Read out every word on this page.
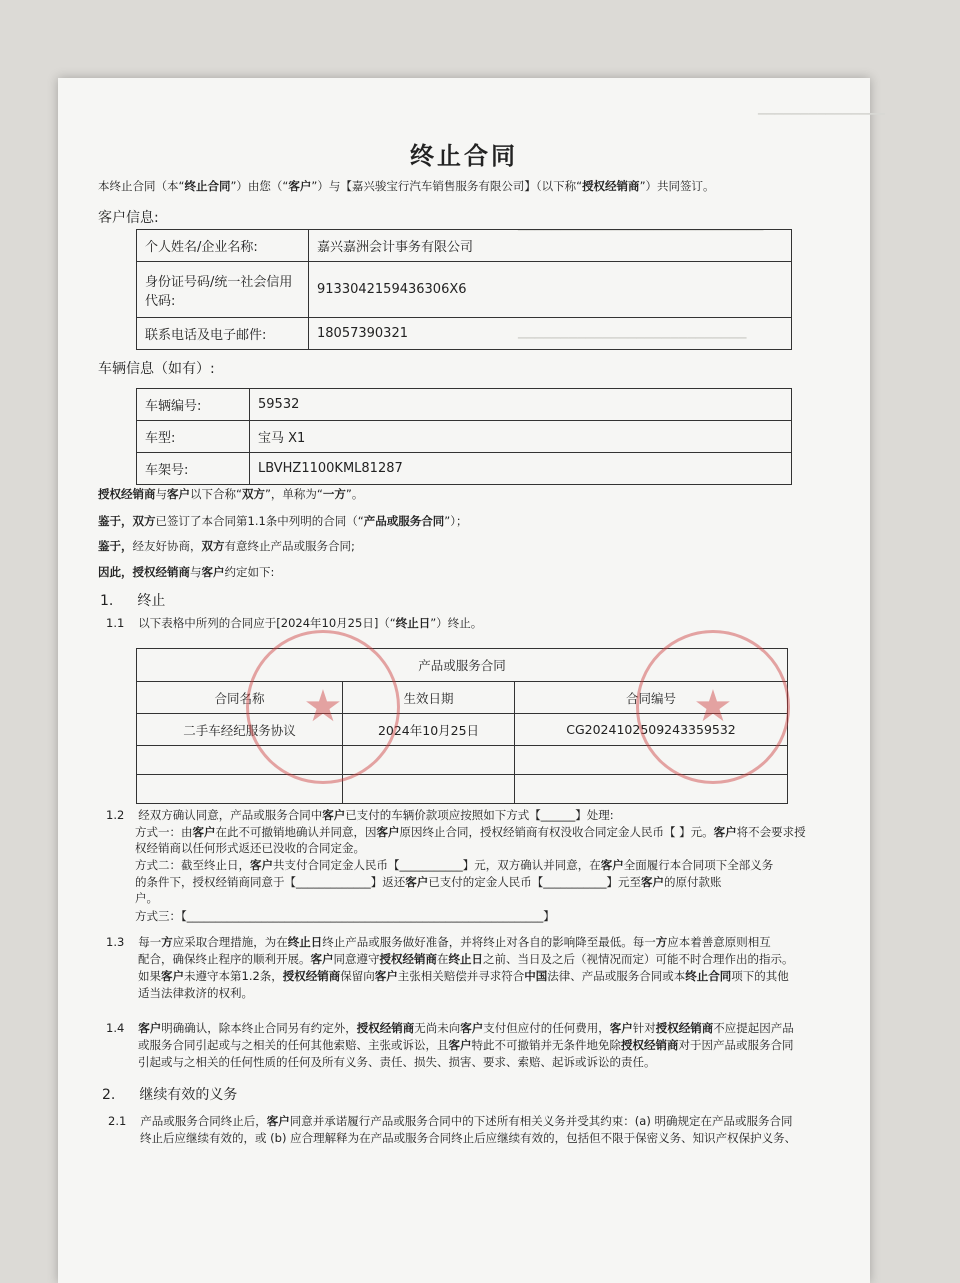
▁▁▁▁▁▁▁▁▁▁▁▁▁▁▁
▁▁▁▁▁▁▁▁▁▁▁▁▁▁▁▁▁▁▁▁▁▁▁▁▁▁▁▁▁
▁▁▁▁▁▁▁▁▁▁▁▁▁▁▁▁▁▁▁▁▁▁▁▁▁▁▁
终止合同
本终止合同（本“终止合同”）由您（“客户”）与【嘉兴骏宝行汽车销售服务有限公司】（以下称“授权经销商”）共同签订。
客户信息:
个人姓名/企业名称:	嘉兴嘉洲会计事务有限公司

身份证号码/统一社会信用
代码:	9133042159436306X6
联系电话及电子邮件:	18057390321
车辆信息（如有）:
车辆编号:	59532
车型:	宝马 X1
车架号:	LBVHZ1100KML81287
授权经销商与客户以下合称“双方”，单称为“一方”。
鉴于，双方已签订了本合同第1.1条中列明的合同（“产品或服务合同”）；
鉴于，经友好协商，双方有意终止产品或服务合同;
因此，授权经销商与客户约定如下:
1. 终止
1.1 以下表格中所列的合同应于[2024年10月25日]（“终止日”）终止。
产品或服务合同		
合同名称	生效日期	合同编号
二手车经纪服务协议	2024年10月25日	CG2024102509243359532

★	★
1.2 经双方确认同意，产品或服务合同中客户已支付的车辆价款项应按照如下方式【______】处理:
方式一：由客户在此不可撤销地确认并同意，因客户原因终止合同，授权经销商有权没收合同定金人民币【 】元。客户将不会要求授
权经销商以任何形式返还已没收的合同定金。
方式二：截至终止日，客户共支付合同定金人民币【___________】元，双方确认并同意，在客户全面履行本合同项下全部义务
的条件下，授权经销商同意于【_____________】返还客户已支付的定金人民币【___________】元至客户的原付款账
户。
方式三：【______________________________________________________________】
1.3 每一方应采取合理措施，为在终止日终止产品或服务做好准备，并将终止对各自的影响降至最低。每一方应本着善意原则相互
配合，确保终止程序的顺利开展。客户同意遵守授权经销商在终止日之前、当日及之后（视情况而定）可能不时合理作出的指示。
如果客户未遵守本第1.2条，授权经销商保留向客户主张相关赔偿并寻求符合中国法律、产品或服务合同或本终止合同项下的其他
适当法律救济的权利。
1.4 客户明确确认，除本终止合同另有约定外，授权经销商无尚未向客户支付但应付的任何费用，客户针对授权经销商不应提起因产品
或服务合同引起或与之相关的任何其他索赔、主张或诉讼，且客户特此不可撤销并无条件地免除授权经销商对于因产品或服务合同
引起或与之相关的任何性质的任何及所有义务、责任、损失、损害、要求、索赔、起诉或诉讼的责任。
2. 继续有效的义务
2.1 产品或服务合同终止后，客户同意并承诺履行产品或服务合同中的下述所有相关义务并受其约束：(a) 明确规定在产品或服务合同
终止后应继续有效的，或 (b) 应合理解释为在产品或服务合同终止后应继续有效的，包括但不限于保密义务、知识产权保护义务、
